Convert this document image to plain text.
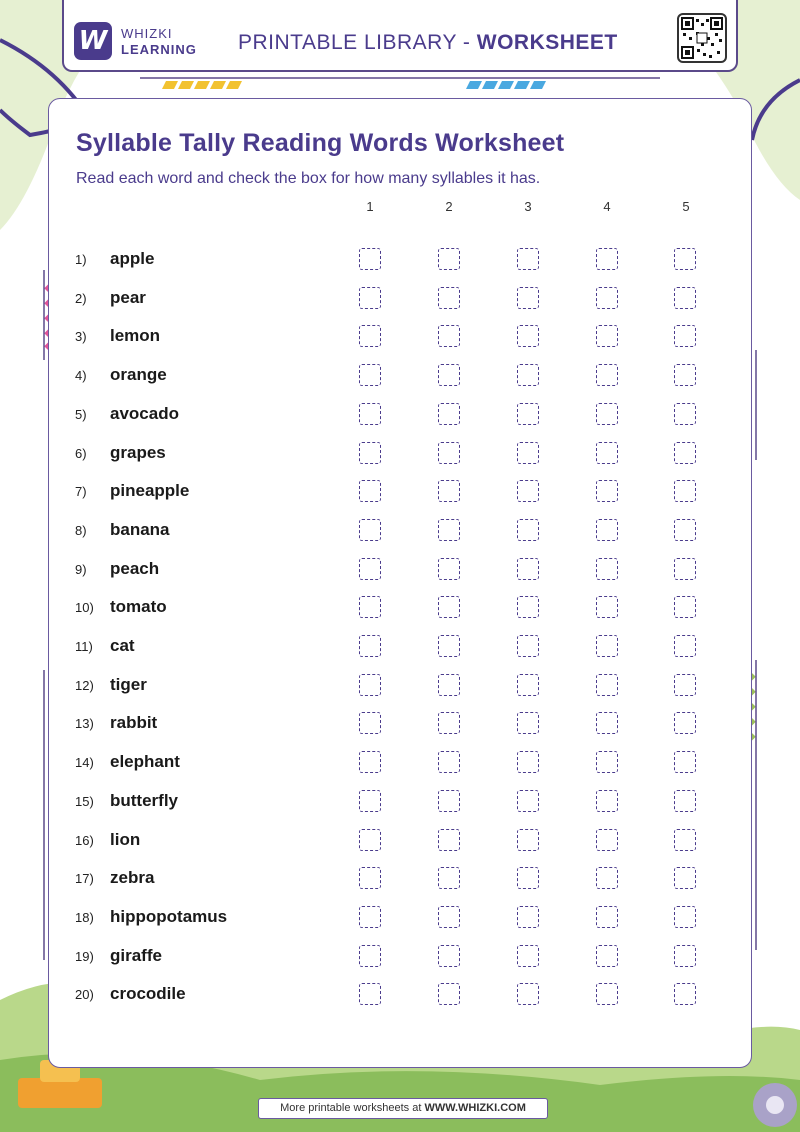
W	WHIZKI
LEARNING PRINTABLE LIBRARY - WORKSHEET
Syllable Tally Reading Words Worksheet
Read each word and check the box for how many syllables it has.
1	2	3	4	5
1) apple
2) pear
3) lemon
4) orange
5) avocado
6) grapes
7) pineapple
8) banana
9) peach
10) tomato
11) cat
12) tiger
13) rabbit
14) elephant
15) butterfly
16) lion
17) zebra
18) hippopotamus
19) giraffe
20) crocodile
More printable worksheets at WWW.WHIZKI.COM
